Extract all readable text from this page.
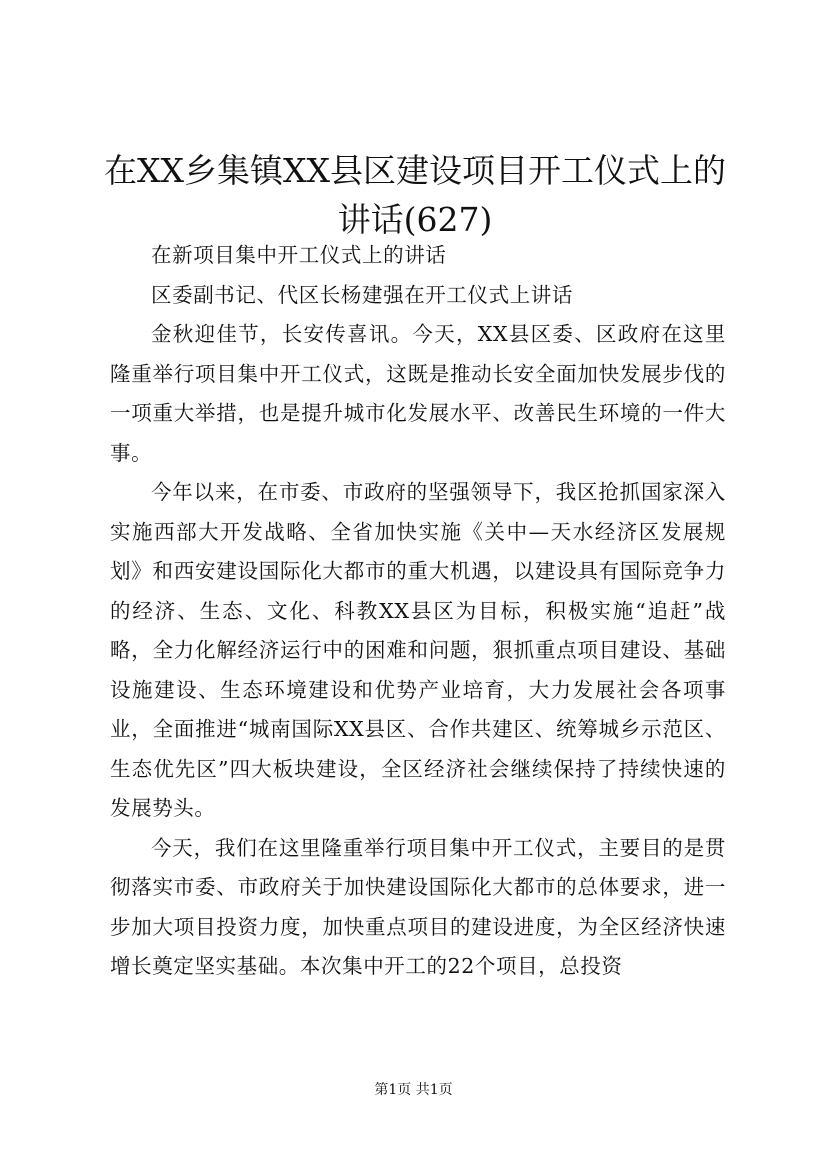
在XX乡集镇XX县区建设项目开工仪式上的讲话(627)

在新项目集中开工仪式上的讲话

区委副书记、代区长杨建强在开工仪式上讲话

金秋迎佳节，长安传喜讯。今天，XX县区委、区政府在这里隆重举行项目集中开工仪式，这既是推动长安全面加快发展步伐的一项重大举措，也是提升城市化发展水平、改善民生环境的一件大事。

今年以来，在市委、市政府的坚强领导下，我区抢抓国家深入实施西部大开发战略、全省加快实施《关中—天水经济区发展规划》和西安建设国际化大都市的重大机遇，以建设具有国际竞争力的经济、生态、文化、科教XX县区为目标，积极实施“追赶”战略，全力化解经济运行中的困难和问题，狠抓重点项目建设、基础设施建设、生态环境建设和优势产业培育，大力发展社会各项事业，全面推进“城南国际XX县区、合作共建区、统筹城乡示范区、生态优先区”四大板块建设，全区经济社会继续保持了持续快速的发展势头。

今天，我们在这里隆重举行项目集中开工仪式，主要目的是贯彻落实市委、市政府关于加快建设国际化大都市的总体要求，进一步加大项目投资力度，加快重点项目的建设进度，为全区经济快速增长奠定坚实基础。本次集中开工的22个项目，总投资

第1页 共1页
